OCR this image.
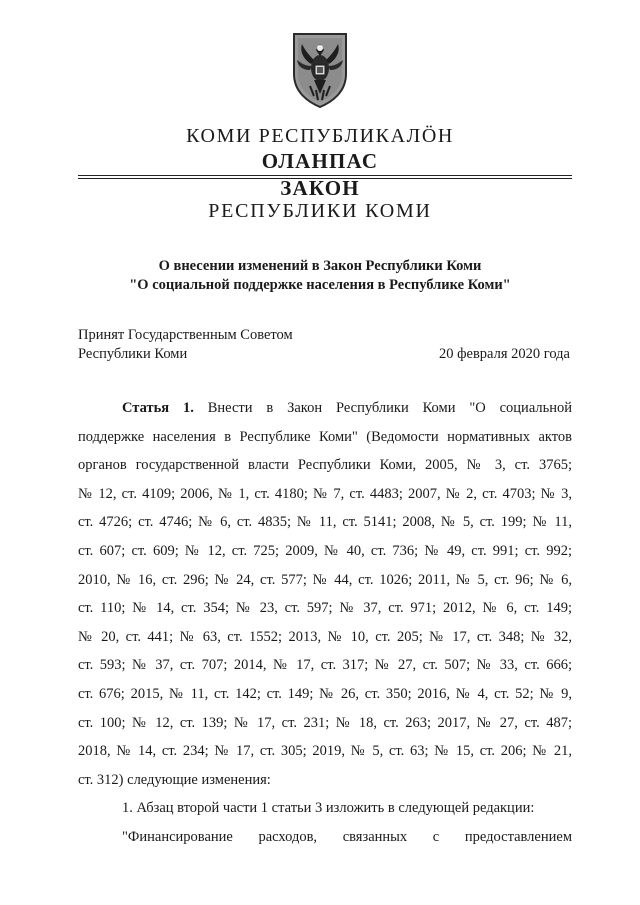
КОМИ РЕСПУБЛИКАЛÖН
ОЛАНПАС
ЗАКОН
РЕСПУБЛИКИ КОМИ
О внесении изменений в Закон Республики Коми
"О социальной поддержке населения в Республике Коми"
Принят Государственным Советом
Республики Коми	20 февраля 2020 года
Статья 1. Внести в Закон Республики Коми "О социальной
поддержке населения в Республике Коми" (Ведомости нормативных актов
органов государственной власти Республики Коми, 2005, № 3, ст. 3765;
№ 12, ст. 4109; 2006, № 1, ст. 4180; № 7, ст. 4483; 2007, № 2, ст. 4703; № 3,
ст. 4726; ст. 4746; № 6, ст. 4835; № 11, ст. 5141; 2008, № 5, ст. 199; № 11,
ст. 607; ст. 609; № 12, ст. 725; 2009, № 40, ст. 736; № 49, ст. 991; ст. 992;
2010, № 16, ст. 296; № 24, ст. 577; № 44, ст. 1026; 2011, № 5, ст. 96; № 6,
ст. 110; № 14, ст. 354; № 23, ст. 597; № 37, ст. 971; 2012, № 6, ст. 149;
№ 20, ст. 441; № 63, ст. 1552; 2013, № 10, ст. 205; № 17, ст. 348; № 32,
ст. 593; № 37, ст. 707; 2014, № 17, ст. 317; № 27, ст. 507; № 33, ст. 666;
ст. 676; 2015, № 11, ст. 142; ст. 149; № 26, ст. 350; 2016, № 4, ст. 52; № 9,
ст. 100; № 12, ст. 139; № 17, ст. 231; № 18, ст. 263; 2017, № 27, ст. 487;
2018, № 14, ст. 234; № 17, ст. 305; 2019, № 5, ст. 63; № 15, ст. 206; № 21,
ст. 312) следующие изменения:
1. Абзац второй части 1 статьи 3 изложить в следующей редакции:
"Финансирование расходов, связанных с предоставлением
